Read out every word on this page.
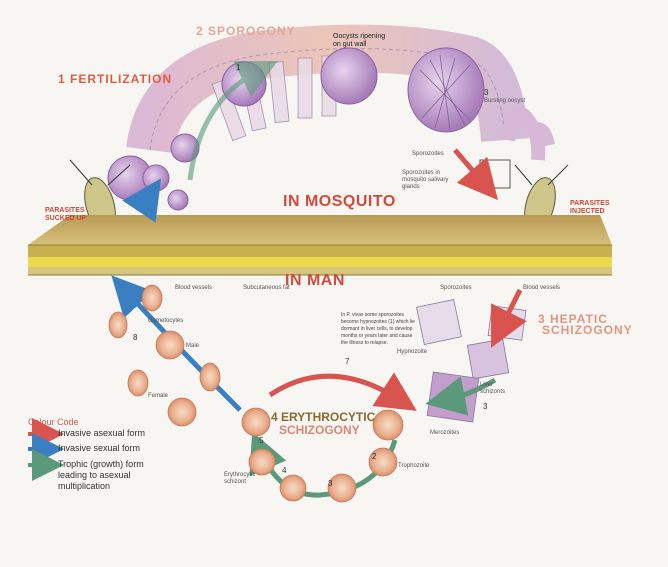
2 SPOROGONY
1 FERTILIZATION
Oocysts ripening
on gut wall
3
Bursting oocyst
Sporozoites
Sporozoites in
mosquito salivary
glands
PARASITES
SUCKED UP
PARASITES
INJECTED
IN MOSQUITO
IN MAN
Blood vessels	Subcutaneous fat	Sporozoites	Blood vessels
In P. vivax some sporozoites
become hypnozoites (1) which lie
dormant in liver cells, to develop
months or years later and cause
the illness to relapse.
3 HEPATIC
SCHIZOGONY
Hypnozoite
Liver
schizonts
Merozoites
Trophozoite
4 ERYTHROCYTIC
SCHIZOGONY
Erythrocytic
schizont
Gametocytes
Male
Female
1
7
5
4
3
2
8
3
Colour Code
Invasive asexual form
Invasive sexual form
Trophic (growth) form
leading to asexual
multiplication
